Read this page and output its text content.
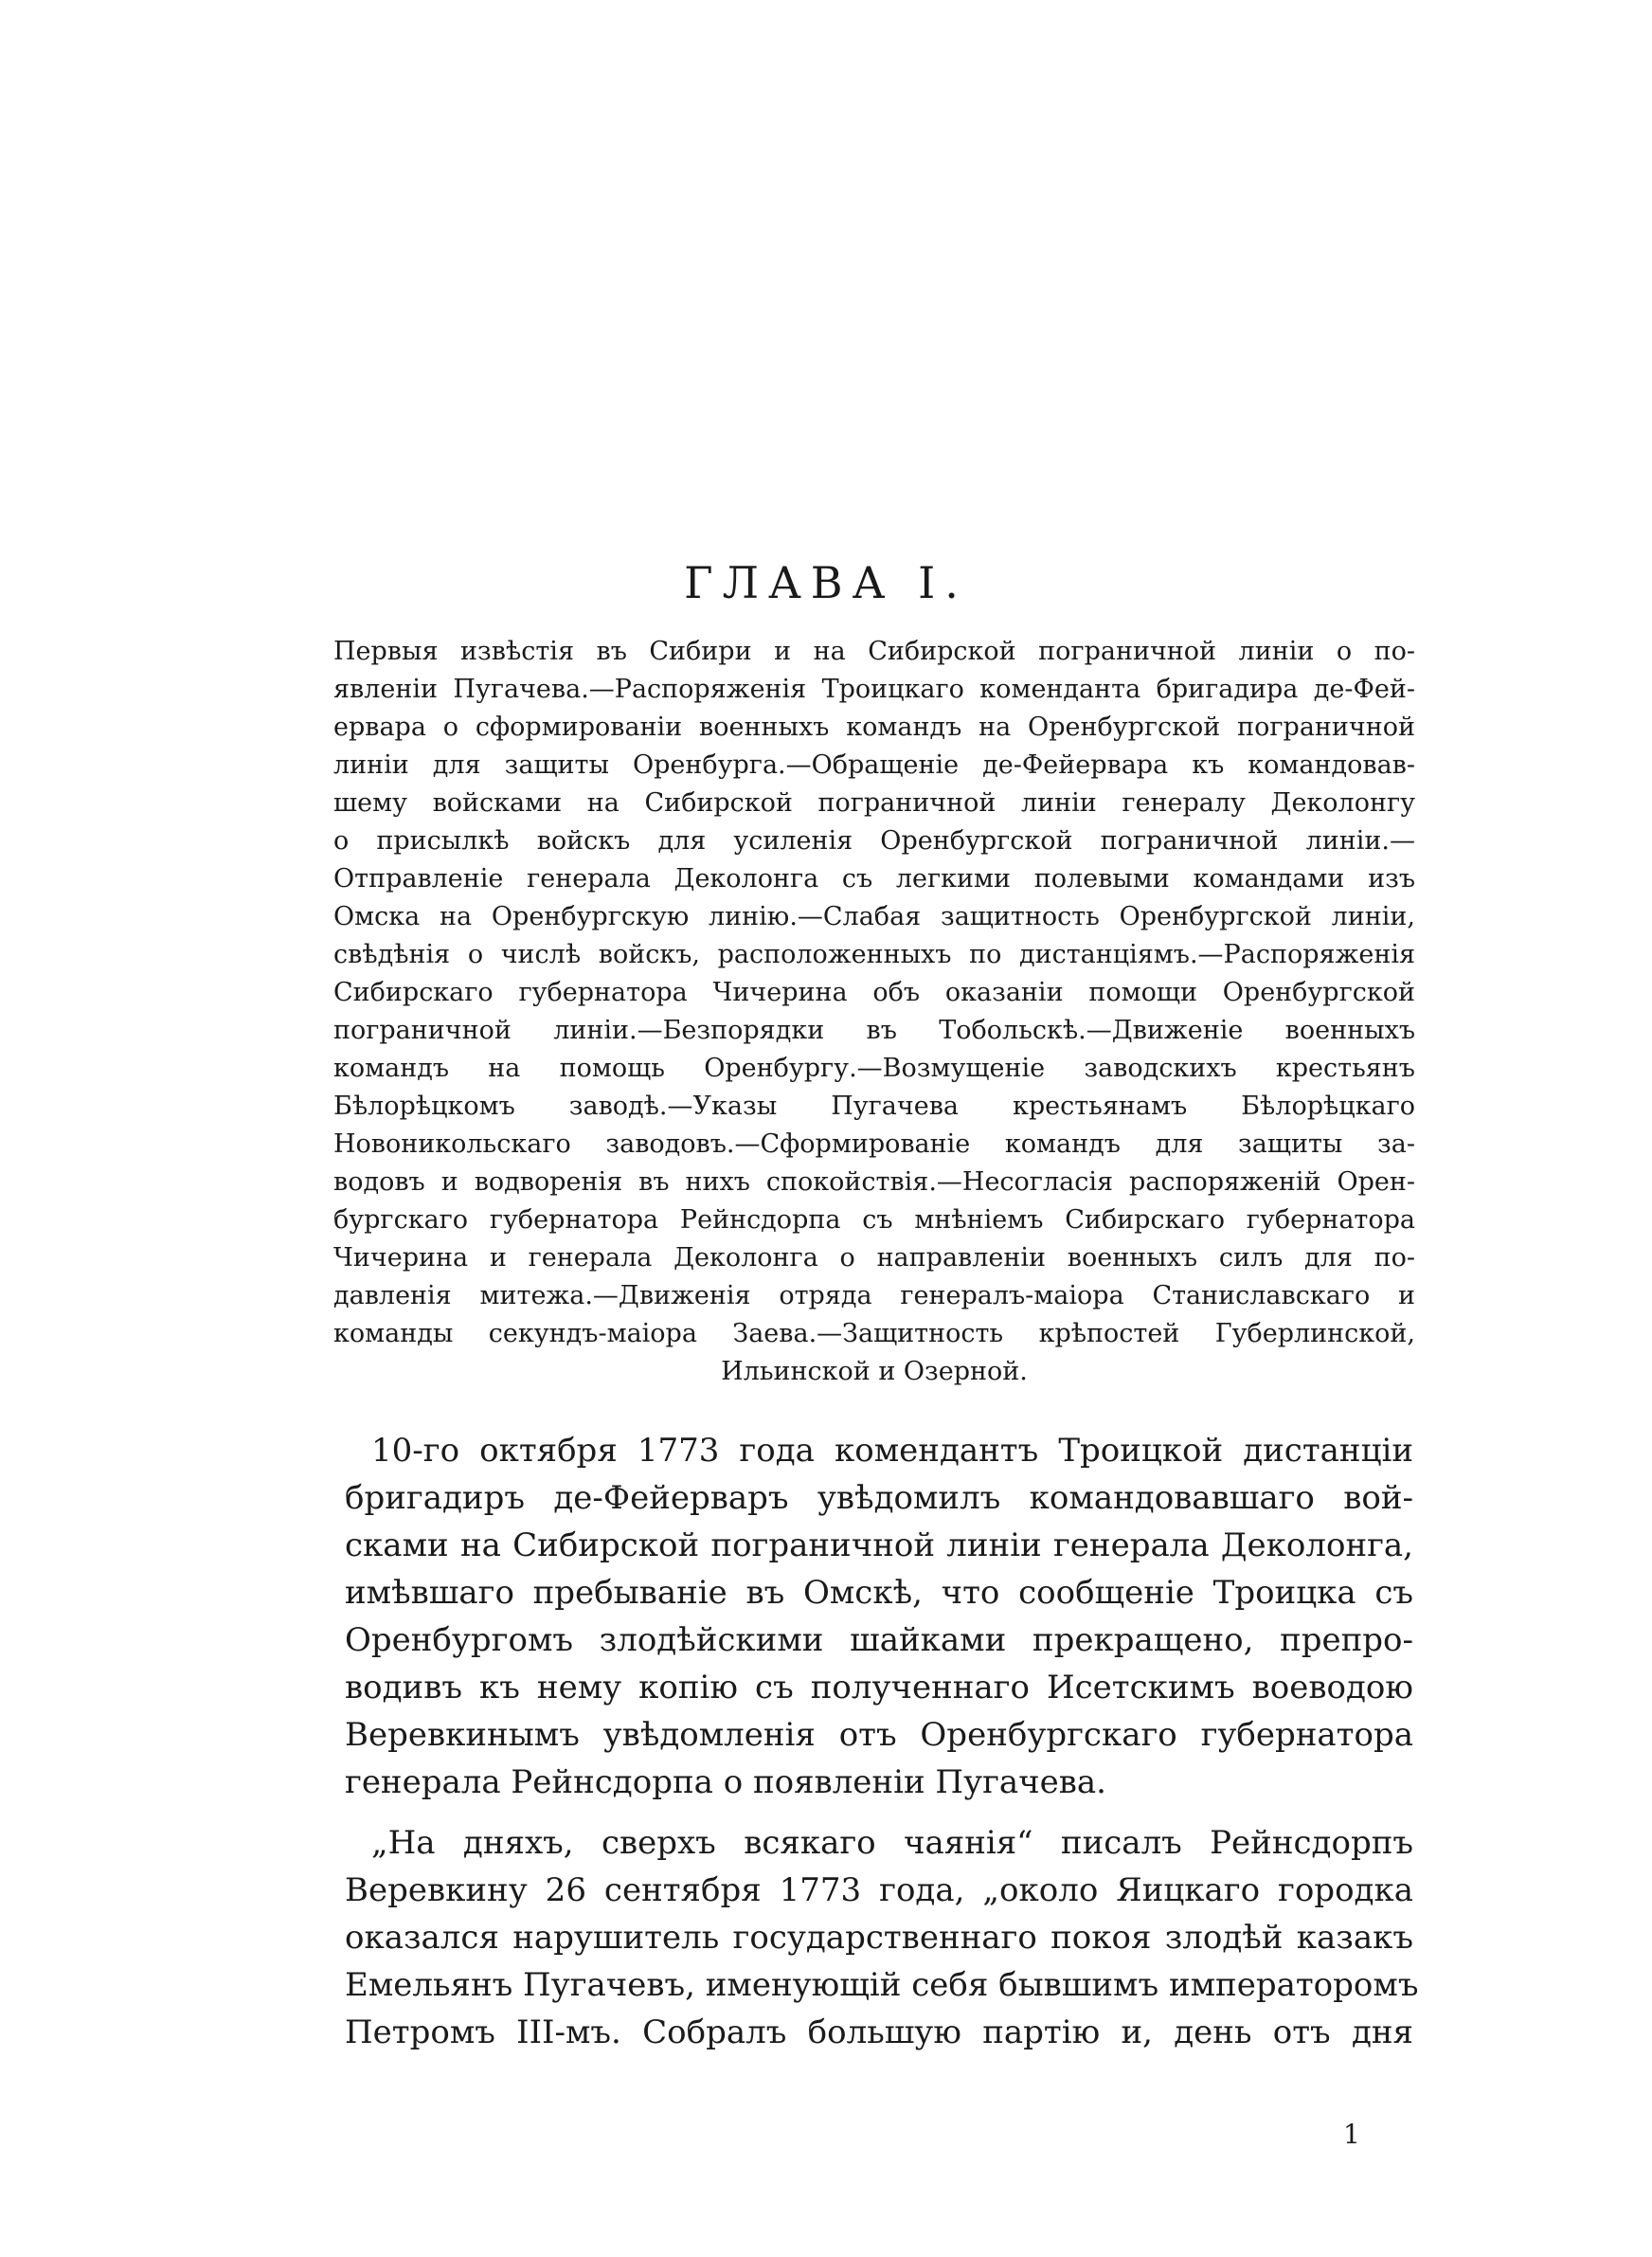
ГЛАВА I.
Первыя извѣстія въ Сибири и на Сибирской пограничной линіи о по-
явленіи Пугачева.—Распоряженія Троицкаго коменданта бригадира де-Фей-
ервара о сформированіи военныхъ командъ на Оренбургской пограничной
линіи для защиты Оренбурга.—Обращеніе де-Фейервара къ командовав-
шему войсками на Сибирской пограничной линіи генералу Деколонгу
о присылкѣ войскъ для усиленія Оренбургской пограничной линіи.—
Отправленіе генерала Деколонга съ легкими полевыми командами изъ
Омска на Оренбургскую линію.—Слабая защитность Оренбургской линіи,
свѣдѣнія о числѣ войскъ, расположенныхъ по дистанціямъ.—Распоряженія
Сибирскаго губернатора Чичерина объ оказаніи помощи Оренбургской
пограничной линіи.—Безпорядки въ Тобольскѣ.—Движеніе военныхъ
командъ на помощь Оренбургу.—Возмущеніе заводскихъ крестьянъ
Бѣлорѣцкомъ заводѣ.—Указы Пугачева крестьянамъ Бѣлорѣцкаго
Новоникольскаго заводовъ.—Сформированіе командъ для защиты за-
водовъ и водворенія въ нихъ спокойствія.—Несогласія распоряженій Орен-
бургскаго губернатора Рейнсдорпа съ мнѣніемъ Сибирскаго губернатора
Чичерина и генерала Деколонга о направленіи военныхъ силъ для по-
давленія митежа.—Движенія отряда генералъ-маіора Станиславскаго и
команды секундъ-маіора Заева.—Защитность крѣпостей Губерлинской,
Ильинской и Озерной.
10-го октября 1773 года комендантъ Троицкой дистанціи
бригадиръ де-Фейерваръ увѣдомилъ командовавшаго вой-
сками на Сибирской пограничной линіи генерала Деколонга,
имѣвшаго пребываніе въ Омскѣ, что сообщеніе Троицка съ
Оренбургомъ злодѣйскими шайками прекращено, препро-
водивъ къ нему копію съ полученнаго Исетскимъ воеводою
Веревкинымъ увѣдомленія отъ Оренбургскаго губернатора
генерала Рейнсдорпа о появленіи Пугачева.
„На дняхъ, сверхъ всякаго чаянія“ писалъ Рейнсдорпъ
Веревкину 26 сентября 1773 года, „около Яицкаго городка
оказался нарушитель государственнаго покоя злодѣй казакъ
Емельянъ Пугачевъ, именующій себя бывшимъ императоромъ
Петромъ III-мъ. Собралъ большую партію и, день отъ дня
1
